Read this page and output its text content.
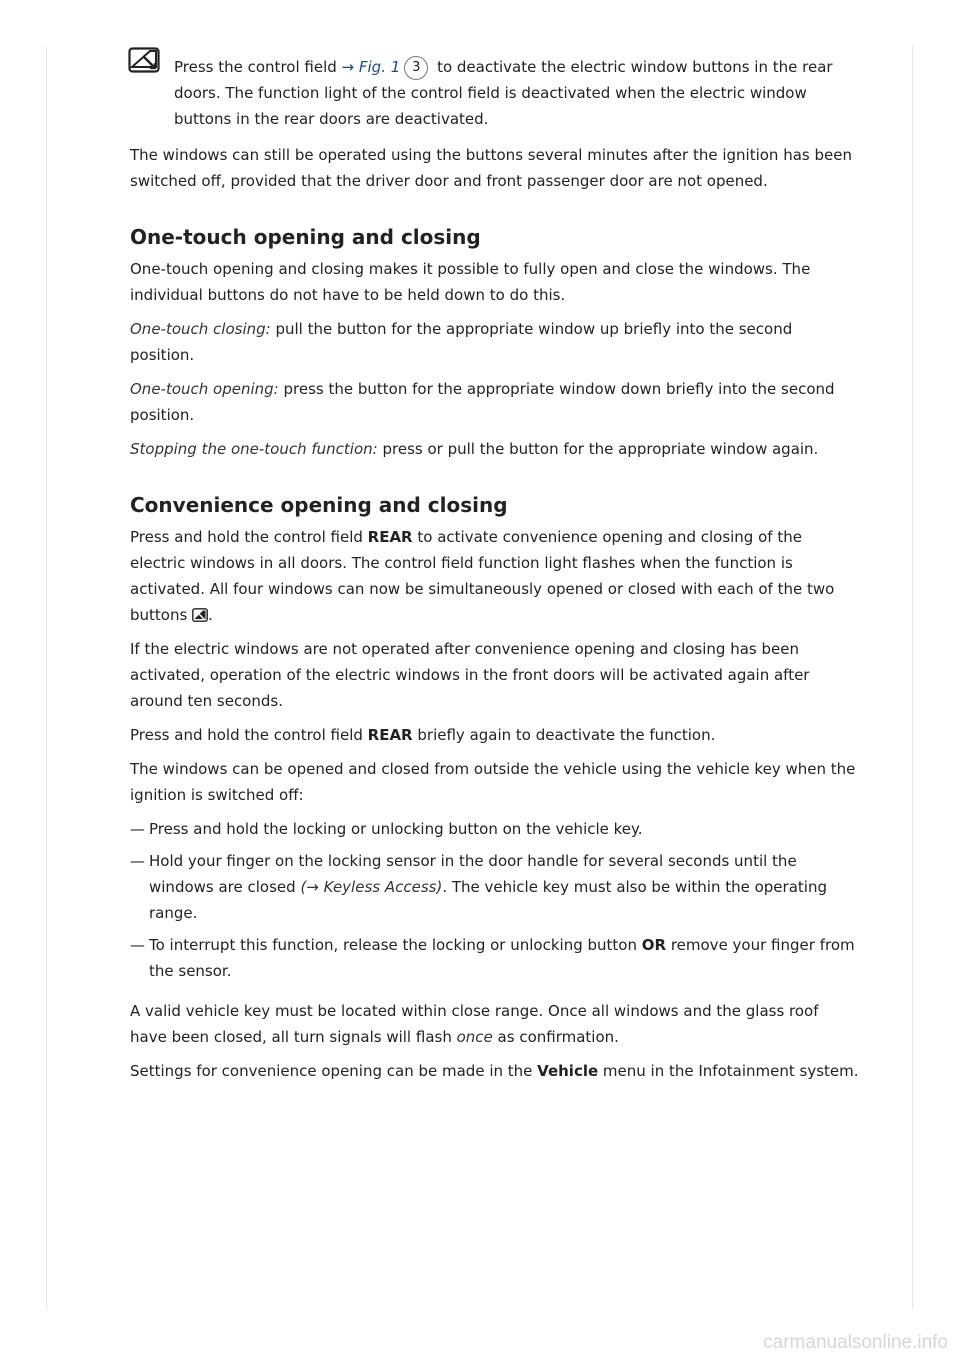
Press the control field → Fig. 1 3 to deactivate the electric window buttons in the rear doors. The function light of the control field is deactivated when the electric window buttons in the rear doors are deactivated.

The windows can still be operated using the buttons several minutes after the ignition has been switched off, provided that the driver door and front passenger door are not opened.

One-touch opening and closing

One-touch opening and closing makes it possible to fully open and close the windows. The individual buttons do not have to be held down to do this.

One-touch closing: pull the button for the appropriate window up briefly into the second position.

One-touch opening: press the button for the appropriate window down briefly into the second position.

Stopping the one-touch function: press or pull the button for the appropriate window again.

Convenience opening and closing

Press and hold the control field REAR to activate convenience opening and closing of the electric windows in all doors. The control field function light flashes when the function is activated. All four windows can now be simultaneously opened or closed with each of the two buttons .

If the electric windows are not operated after convenience opening and closing has been activated, operation of the electric windows in the front doors will be activated again after around ten seconds.

Press and hold the control field REAR briefly again to deactivate the function.

The windows can be opened and closed from outside the vehicle using the vehicle key when the ignition is switched off:

— Press and hold the locking or unlocking button on the vehicle key.

— Hold your finger on the locking sensor in the door handle for several seconds until the windows are closed (→ Keyless Access). The vehicle key must also be within the operating range.

— To interrupt this function, release the locking or unlocking button OR remove your finger from the sensor.

A valid vehicle key must be located within close range. Once all windows and the glass roof have been closed, all turn signals will flash once as confirmation.

Settings for convenience opening can be made in the Vehicle menu in the Infotainment system.

carmanualsonline.info
